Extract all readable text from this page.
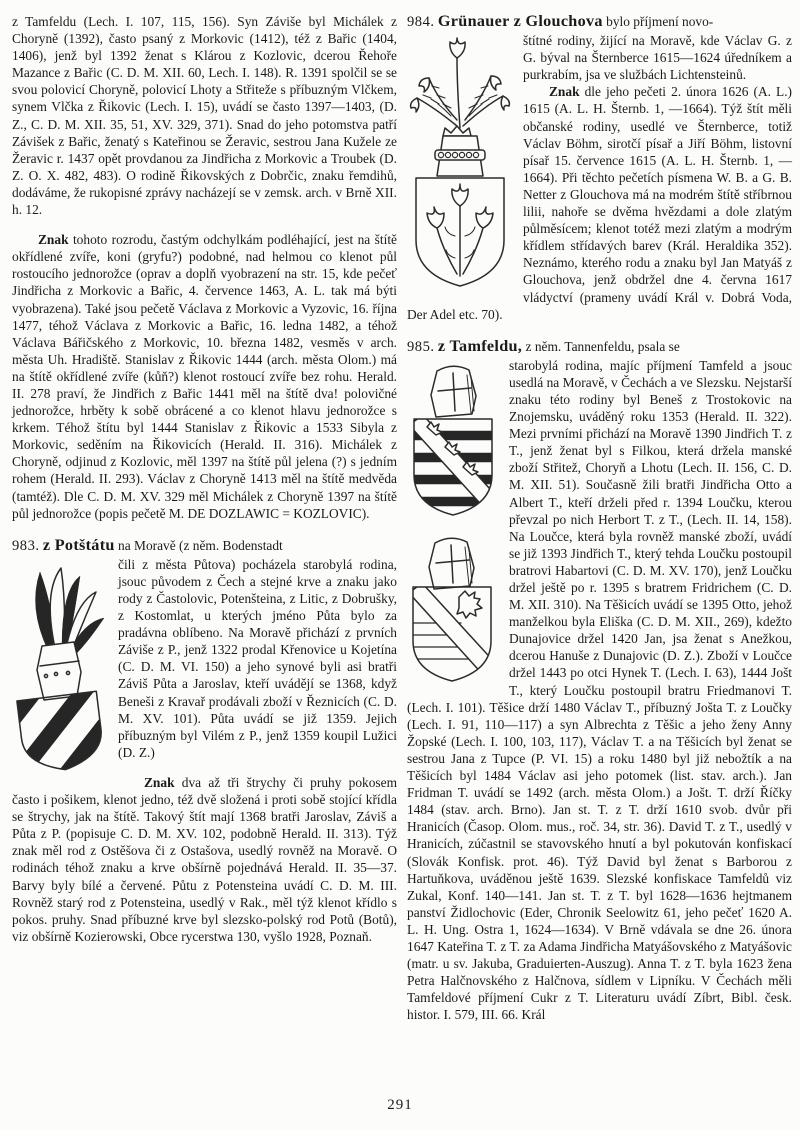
z Tamfeldu (Lech. I. 107, 115, 156). Syn Záviše byl Michálek z Choryně (1392), často psaný z Morkovic (1412), též z Bařic (1404, 1406), jenž byl 1392 ženat s Klárou z Kozlovic, dcerou Řehoře Mazance z Bařic (C. D. M. XII. 60, Lech. I. 148). R. 1391 spolčil se se svou polovicí Choryně, polovicí Lhoty a Střiteže s příbuzným Vlčkem, synem Vlčka z Řikovic (Lech. I. 15), uvádí se často 1397—1403, (D. Z., C. D. M. XII. 35, 51, XV. 329, 371). Snad do jeho potomstva patří Závišek z Bařic, ženatý s Kateřinou se Žeravic, sestrou Jana Kužele ze Žeravic r. 1437 opět provdanou za Jindřicha z Morkovic a Troubek (D. Z. O. X. 482, 483). O rodině Řikovských z Dobrčic, znaku řemdihů, dodáváme, že rukopisné zprávy nacházejí se v zemsk. arch. v Brně XII. h. 12.

Znak tohoto rozrodu, častým odchylkám podléhající, jest na štítě okřídlené zvíře, koni (gryfu?) podobné, nad helmou co klenot půl rostoucího jednorožce (oprav a doplň vyobrazení na str. 15, kde pečeť Jindřicha z Morkovic a Bařic, 4. července 1463, A. L. tak má býti vyobrazena). Také jsou pečetě Václava z Morkovic a Vyzovic, 16. října 1477, téhož Václava z Morkovic a Bařic, 16. ledna 1482, a téhož Václava Bářičského z Morkovic, 10. března 1482, vesměs v arch. města Uh. Hradiště. Stanislav z Řikovic 1444 (arch. města Olom.) má na štítě okřídlené zvíře (kůň?) klenot rostoucí zvíře bez rohu. Herald. II. 278 praví, že Jindřich z Bařic 1441 měl na štítě dva! polovičné jednorožce, hrběty k sobě obrácené a co klenot hlavu jednorožce s krkem. Téhož štítu byl 1444 Stanislav z Řikovic a 1533 Sibyla z Morkovic, seděním na Řikovicích (Herald. II. 316). Michálek z Choryně, odjinud z Kozlovic, měl 1397 na štítě půl jelena (?) s jedním rohem (Herald. II. 293). Václav z Choryně 1413 měl na štítě medvěda (tamtéž). Dle C. D. M. XV. 329 měl Michálek z Choryně 1397 na štítě půl jednorožce (popis pečetě M. DE DOZLAWIC = KOZLOVIC).

983. z Potštátu na Moravě (z něm. Bodenstadt

čili z města Půtova) pocházela starobylá rodina, jsouc původem z Čech a stejné krve a znaku jako rody z Častolovic, Potenšteina, z Litic, z Dobrušky, z Kostomlat, u kterých jméno Půta bylo za pradávna oblíbeno. Na Moravě přichází z prvních Záviše z P., jenž 1322 prodal Křenovice u Kojetína (C. D. M. VI. 150) a jeho synové byli asi bratři Záviš Půta a Jaroslav, kteří uvádějí se 1368, když Beneši z Kravař prodávali zboží v Řeznicích (C. D. M. XV. 101). Půta uvádí se již 1359. Jejich příbuzným byl Vilém z P., jenž 1359 koupil Lužici (D. Z.)

Znak dva až tři štrychy či pruhy pokosem často i pošikem, klenot jedno, též dvě složená i proti sobě stojící křídla se štrychy, jak na štítě. Takový štít mají 1368 bratři Jaroslav, Záviš a Půta z P. (popisuje C. D. M. XV. 102, podobně Herald. II. 313). Týž znak měl rod z Ostěšova či z Ostašova, usedlý rovněž na Moravě. O rodinách téhož znaku a krve obšírně pojednává Herald. II. 35—37. Barvy byly bílé a červené. Půtu z Potensteina uvádí C. D. M. III. Rovněž starý rod z Potensteina, usedlý v Rak., měl týž klenot křídlo s pokos. pruhy. Snad příbuzné krve byl slezsko-polský rod Potů (Botů), viz obšírně Kozierowski, Obce rycerstwa 130, vyšlo 1928, Poznaň.

984. Grünauer z Glouchova bylo příjmení novo-

štítné rodiny, žijící na Moravě, kde Václav G. z G. býval na Šternberce 1615—1624 úředníkem a purkrabím, jsa ve službách Lichtensteinů.

Znak dle jeho pečeti 2. února 1626 (A. L.) 1615 (A. L. H. Šternb. 1, —1664). Týž štít měli občanské rodiny, usedlé ve Šternberce, totiž Václav Böhm, sirotčí písař a Jiří Böhm, listovní písař 15. července 1615 (A. L. H. Šternb. 1, —1664). Při těchto pečetích písmena W. B. a G. B. Netter z Glouchova má na modrém štítě stříbrnou lilii, nahoře se dvěma hvězdami a dole zlatým půlměsícem; klenot totéž mezi zlatým a modrým křídlem střídavých barev (Král. Heraldika 352). Neznámo, kterého rodu a znaku byl Jan Matyáš z Glouchova, jenž obdržel dne 4. června 1617 vládyctví (prameny uvádí Král v. Dobrá Voda, Der Adel etc. 70).

985. z Tamfeldu, z něm. Tannenfeldu, psala se

starobylá rodina, majíc příjmení Tamfeld a jsouc usedlá na Moravě, v Čechách a ve Slezsku. Nejstarší znaku této rodiny byl Beneš z Trostokovic na Znojemsku, uváděný roku 1353 (Herald. II. 322). Mezi prvními přichází na Moravě 1390 Jindřich T. z T., jenž ženat byl s Filkou, která držela manské zboží Střitež, Choryň a Lhotu (Lech. II. 156, C. D. M. XII. 51). Současně žili bratři Jindřicha Otto a Albert T., kteří drželi před r. 1394 Loučku, kterou převzal po nich Herbort T. z T., (Lech. II. 14, 158). Na Loučce, která byla rovněž manské zboží, uvádí se již 1393 Jindřich T., který tehda Loučku postoupil bratrovi Habartovi (C. D. M. XV. 170), jenž Loučku držel ještě po r. 1395 s bratrem Fridrichem (C. D. M. XII. 310). Na Těšicích uvádí se 1395 Otto, jehož manželkou byla Eliška (C. D. M. XII., 269), kdežto Dunajovice držel 1420 Jan, jsa ženat s Anežkou, dcerou Hanuše z Dunajovic (D. Z.). Zboží v Loučce držel 1443 po otci Hynek T. (Lech. I. 63), 1444 Jošt T., který Loučku postoupil bratru Friedmanovi T. (Lech. I. 101). Těšice drží 1480 Václav T., příbuzný Jošta T. z Loučky (Lech. I. 91, 110—117) a syn Albrechta z Těšic a jeho ženy Anny Žopské (Lech. I. 100, 103, 117), Václav T. a na Těšicích byl ženat se sestrou Jana z Tupce (P. VI. 15) a roku 1480 byl již nebožtík a na Těšicích byl 1484 Václav asi jeho potomek (list. stav. arch.). Jan Fridman T. uvádí se 1492 (arch. města Olom.) a Jošt. T. drží Říčky 1484 (stav. arch. Brno). Jan st. T. z T. drží 1610 svob. dvůr při Hranicích (Časop. Olom. mus., roč. 34, str. 36). David T. z T., usedlý v Hranicích, zúčastnil se stavovského hnutí a byl pokutován konfiskací (Slovák Konfisk. prot. 46). Týž David byl ženat s Barborou z Hartuňkova, uváděnou ještě 1639. Slezské konfiskace Tamfeldů viz Zukal, Konf. 140—141. Jan st. T. z T. byl 1628—1636 hejtmanem panství Židlochovic (Eder, Chronik Seelowitz 61, jeho pečeť 1620 A. L. H. Ung. Ostra 1, 1624—1634). V Brně vdávala se dne 26. února 1647 Kateřina T. z T. za Adama Jindřicha Matyášovského z Matyášovic (matr. u sv. Jakuba, Graduierten-Auszug). Anna T. z T. byla 1623 žena Petra Halčnovského z Halčnova, sídlem v Lipníku. V Čechách měli Tamfeldové příjmení Cukr z T. Literaturu uvádí Zíbrt, Bibl. česk. histor. I. 579, III. 66. Král

291
